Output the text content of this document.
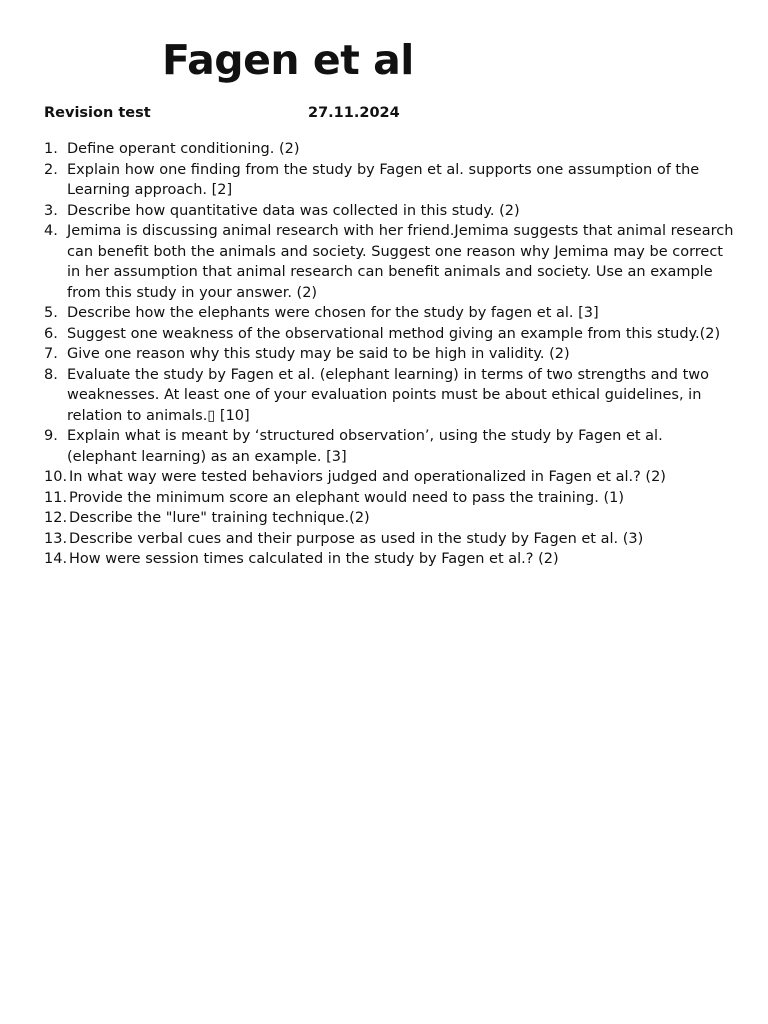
Fagen et al
Revision test	27.11.2024
1. Define operant conditioning. (2)
2. Explain how one finding from the study by Fagen et al. supports one assumption of the Learning approach. [2]
3. Describe how quantitative data was collected in this study. (2)
4. Jemima is discussing animal research with her friend.Jemima suggests that animal research can benefit both the animals and society. Suggest one reason why Jemima may be correct in her assumption that animal research can benefit animals and society. Use an example from this study in your answer. (2)
5. Describe how the elephants were chosen for the study by fagen et al. [3]
6. Suggest one weakness of the observational method giving an example from this study.(2)
7. Give one reason why this study may be said to be high in validity. (2)
8. Evaluate the study by Fagen et al. (elephant learning) in terms of two strengths and two weaknesses. At least one of your evaluation points must be about ethical guidelines, in relation to animals.▯ [10]
9. Explain what is meant by ‘structured observation’, using the study by Fagen et al. (elephant learning) as an example. [3]
10. In what way were tested behaviors judged and operationalized in Fagen et al.? (2)
11. Provide the minimum score an elephant would need to pass the training. (1)
12. Describe the "lure" training technique.(2)
13. Describe verbal cues and their purpose as used in the study by Fagen et al. (3)
14. How were session times calculated in the study by Fagen et al.? (2)
